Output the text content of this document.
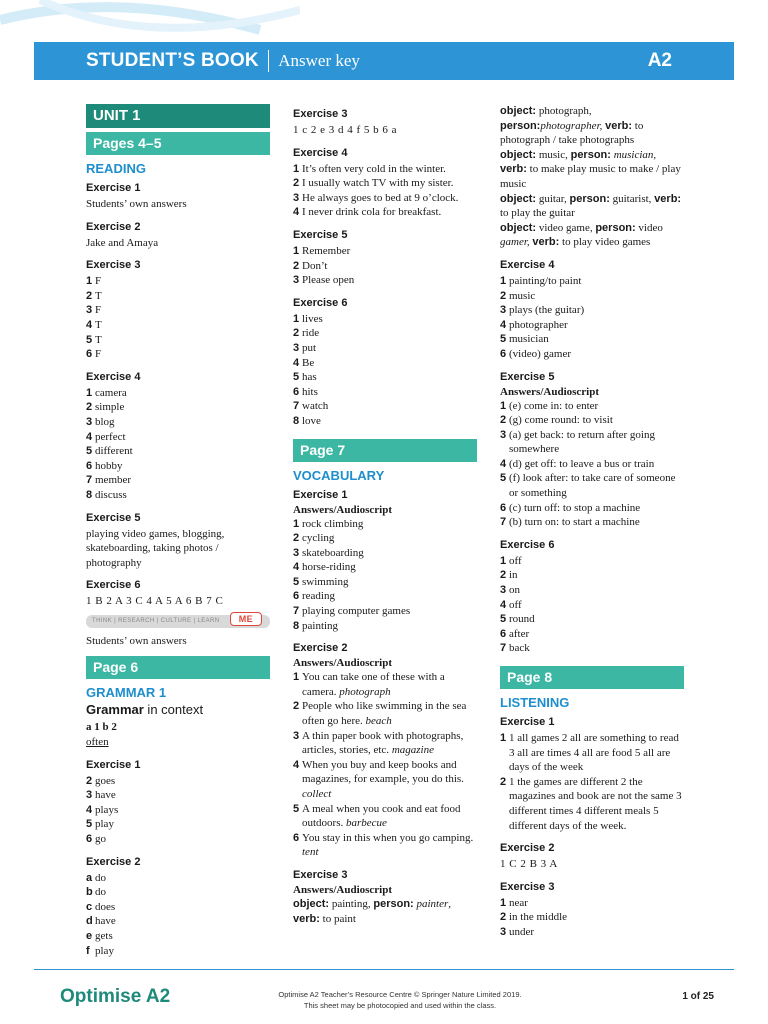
STUDENT’S BOOK Answer key	A2
UNIT 1
Pages 4–5
READING
Exercise 1
Students’ own answers
Exercise 2
Jake and Amaya
Exercise 3
1 F
2 T
3 F
4 T
5 T
6 F
Exercise 4
1 camera
2 simple
3 blog
4 perfect
5 different
6 hobby
7 member
8 discuss
Exercise 5
playing video games, blogging,
skateboarding, taking photos /
photography
Exercise 6
1 B 2 A 3 C 4 A 5 A 6 B 7 C
THINK | RESEARCH | CULTURE | LEARN	ME
Students’ own answers
Page 6
GRAMMAR 1
Grammar in context
a 1 b 2
often
Exercise 1
2 goes
3 have
4 plays
5 play
6 go
Exercise 2
a do
b do
c does
d have
e gets
f play
Exercise 3
1 c 2 e 3 d 4 f 5 b 6 a
Exercise 4
1 It’s often very cold in the winter.
2 I usually watch TV with my sister.
3 He always goes to bed at 9 o’clock.
4 I never drink cola for breakfast.
Exercise 5
1 Remember
2 Don’t
3 Please open
Exercise 6
1 lives
2 ride
3 put
4 Be
5 has
6 hits
7 watch
8 love
Page 7
VOCABULARY
Exercise 1
Answers/Audioscript
1 rock climbing
2 cycling
3 skateboarding
4 horse-riding
5 swimming
6 reading
7 playing computer games
8 painting
Exercise 2
Answers/Audioscript
1 You can take one of these with a camera. photograph
2 People who like swimming in the sea often go here. beach
3 A thin paper book with photographs, articles, stories, etc. magazine
4 When you buy and keep books and magazines, for example, you do this. collect
5 A meal when you cook and eat food outdoors. barbecue
6 You stay in this when you go camping. tent
Exercise 3
Answers/Audioscript
object: painting, person: painter,
verb: to paint
object: photograph, person:photographer, verb: to photograph / take photographs
object: music, person: musician, verb: to make play music to make / play music
object: guitar, person: guitarist, verb: to play the guitar
object: video game, person: video gamer, verb: to play video games
Exercise 4
1 painting/to paint
2 music
3 plays (the guitar)
4 photographer
5 musician
6 (video) gamer
Exercise 5
Answers/Audioscript
1 (e) come in: to enter
2 (g) come round: to visit
3 (a) get back: to return after going somewhere
4 (d) get off: to leave a bus or train
5 (f) look after: to take care of someone or something
6 (c) turn off: to stop a machine
7 (b) turn on: to start a machine
Exercise 6
1 off
2 in
3 on
4 off
5 round
6 after
7 back
Page 8
LISTENING
Exercise 1
1 1 all games 2 all are something to read 3 all are times 4 all are food 5 all are days of the week
2 1 the games are different 2 the magazines and book are not the same 3 different times 4 different meals 5 different days of the week.
Exercise 2
1 C 2 B 3 A
Exercise 3
1 near
2 in the middle
3 under
Optimise A2	Optimise A2 Teacher’s Resource Centre © Springer Nature Limited 2019.
This sheet may be photocopied and used within the class.
1 of 25
